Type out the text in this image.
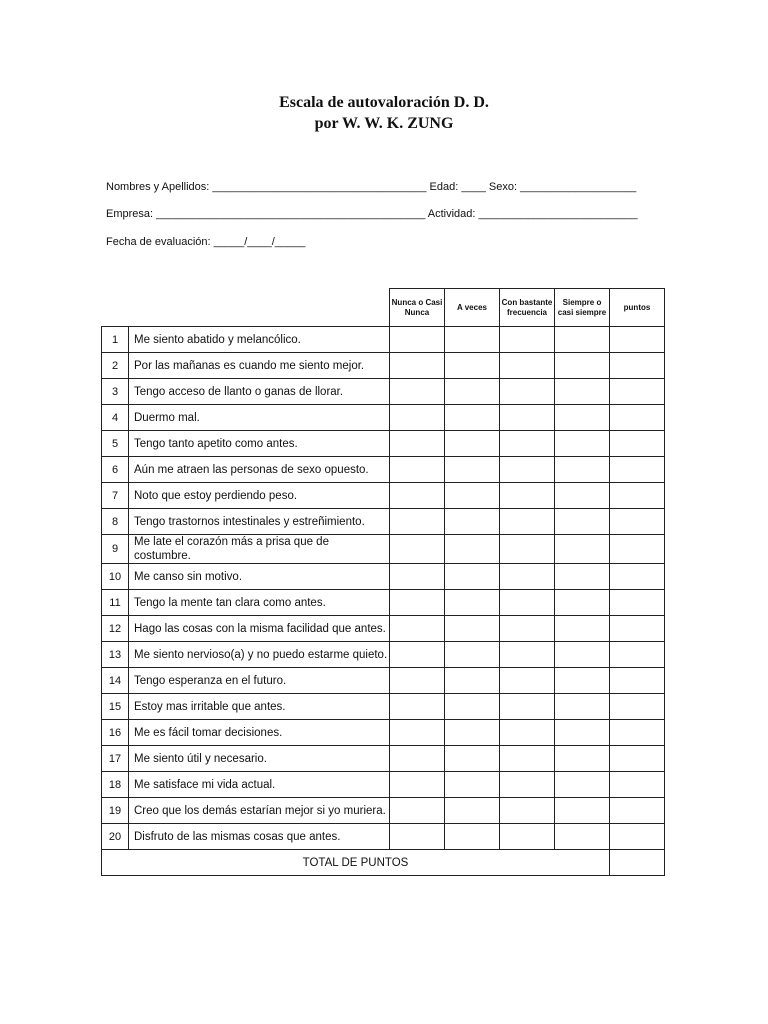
Escala de autovaloración D. D.
por W. W. K. ZUNG
Nombres y Apellidos: ___________________________________ Edad: ____ Sexo: ___________________
Empresa: ____________________________________________ Actividad: __________________________
Fecha de evaluación: _____/____/_____
		Nunca o Casi Nunca	A veces	Con bastante frecuencia	Siempre o casi siempre	puntos
1	Me siento abatido y melancólico.					
2	Por las mañanas es cuando me siento mejor.					
3	Tengo acceso de llanto o ganas de llorar.					
4	Duermo mal.					
5	Tengo tanto apetito como antes.					
6	Aún me atraen las personas de sexo opuesto.					
7	Noto que estoy perdiendo peso.					
8	Tengo trastornos intestinales y estreñimiento.					
9	Me late el corazón más a prisa que de costumbre.					
10	Me canso sin motivo.					
11	Tengo la mente tan clara como antes.					
12	Hago las cosas con la misma facilidad que antes.					
13	Me siento nervioso(a) y no puedo estarme quieto.					
14	Tengo esperanza en el futuro.					
15	Estoy mas irritable que antes.					
16	Me es fácil tomar decisiones.					
17	Me siento útil y necesario.					
18	Me satisface mi vida actual.					
19	Creo que los demás estarían mejor si yo muriera.					
20	Disfruto de las mismas cosas que antes.					
TOTAL DE PUNTOS						
